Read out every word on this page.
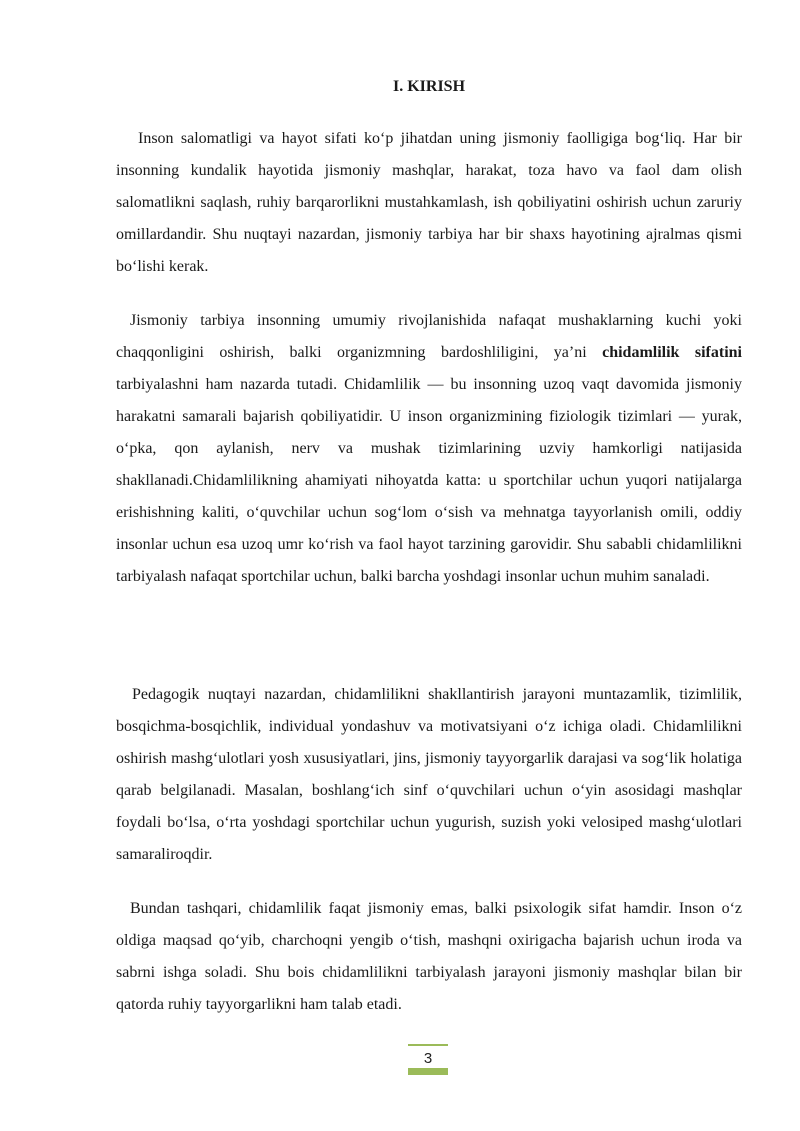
I. KIRISH

Inson salomatligi va hayot sifati ko‘p jihatdan uning jismoniy faolligiga bog‘liq. Har bir insonning kundalik hayotida jismoniy mashqlar, harakat, toza havo va faol dam olish salomatlikni saqlash, ruhiy barqarorlikni mustahkamlash, ish qobiliyatini oshirish uchun zaruriy omillardandir. Shu nuqtayi nazardan, jismoniy tarbiya har bir shaxs hayotining ajralmas qismi bo‘lishi kerak.

Jismoniy tarbiya insonning umumiy rivojlanishida nafaqat mushaklarning kuchi yoki chaqqonligini oshirish, balki organizmning bardoshliligini, ya’ni chidamlilik sifatini tarbiyalashni ham nazarda tutadi. Chidamlilik — bu insonning uzoq vaqt davomida jismoniy harakatni samarali bajarish qobiliyatidir. U inson organizmining fiziologik tizimlari — yurak, o‘pka, qon aylanish, nerv va mushak tizimlarining uzviy hamkorligi natijasida shakllanadi.Chidamlilikning ahamiyati nihoyatda katta: u sportchilar uchun yuqori natijalarga erishishning kaliti, o‘quvchilar uchun sog‘lom o‘sish va mehnatga tayyorlanish omili, oddiy insonlar uchun esa uzoq umr ko‘rish va faol hayot tarzining garovidir. Shu sababli chidamlilikni tarbiyalash nafaqat sportchilar uchun, balki barcha yoshdagi insonlar uchun muhim sanaladi.

Pedagogik nuqtayi nazardan, chidamlilikni shakllantirish jarayoni muntazamlik, tizimlilik, bosqichma-bosqichlik, individual yondashuv va motivatsiyani o‘z ichiga oladi. Chidamlilikni oshirish mashg‘ulotlari yosh xususiyatlari, jins, jismoniy tayyorgarlik darajasi va sog‘lik holatiga qarab belgilanadi. Masalan, boshlang‘ich sinf o‘quvchilari uchun o‘yin asosidagi mashqlar foydali bo‘lsa, o‘rta yoshdagi sportchilar uchun yugurish, suzish yoki velosiped mashg‘ulotlari samaraliroqdir.

Bundan tashqari, chidamlilik faqat jismoniy emas, balki psixologik sifat hamdir. Inson o‘z oldiga maqsad qo‘yib, charchoqni yengib o‘tish, mashqni oxirigacha bajarish uchun iroda va sabrni ishga soladi. Shu bois chidamlilikni tarbiyalash jarayoni jismoniy mashqlar bilan bir qatorda ruhiy tayyorgarlikni ham talab etadi.

3
